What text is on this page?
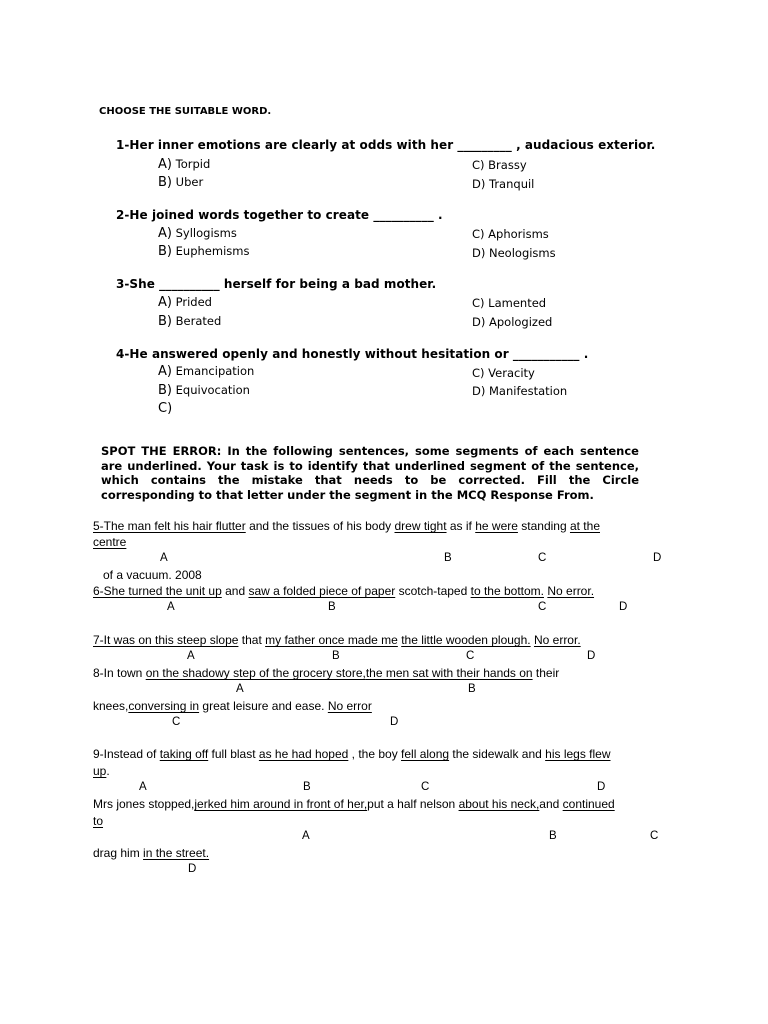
CHOOSE THE SUITABLE WORD.
1-Her inner emotions are clearly at odds with her _________ , audacious exterior.
A) Torpid	C) Brassy
B) Uber	D) Tranquil
2-He joined words together to create __________ .
A) Syllogisms	C) Aphorisms
B) Euphemisms	D) Neologisms
3-She __________ herself for being a bad mother.
A) Prided	C) Lamented
B) Berated	D) Apologized
4-He answered openly and honestly without hesitation or ___________ .
A) Emancipation	C) Veracity
B) Equivocation	D) Manifestation
C)
SPOT THE ERROR: In the following sentences, some segments of each sentence
are underlined. Your task is to identify that underlined segment of the sentence,
which contains the mistake that needs to be corrected. Fill the Circle
corresponding to that letter under the segment in the MCQ Response From.
5-The man felt his hair flutter and the tissues of his body drew tight as if he were standing at the
centre
A	B	C	D
of a vacuum. 2008
6-She turned the unit up and saw a folded piece of paper scotch-taped to the bottom. No error.
A	B	C	D
7-It was on this steep slope that my father once made me the little wooden plough. No error.
A	B	C	D
8-In town on the shadowy step of the grocery store,the men sat with their hands on their
A	B
knees,conversing in great leisure and ease. No error
C	D
9-Instead of taking off full blast as he had hoped , the boy fell along the sidewalk and his legs flew
up.
A	B	C	D
Mrs jones stopped,jerked him around in front of her,put a half nelson about his neck,and continued
to
A	B	C
drag him in the street.
D
